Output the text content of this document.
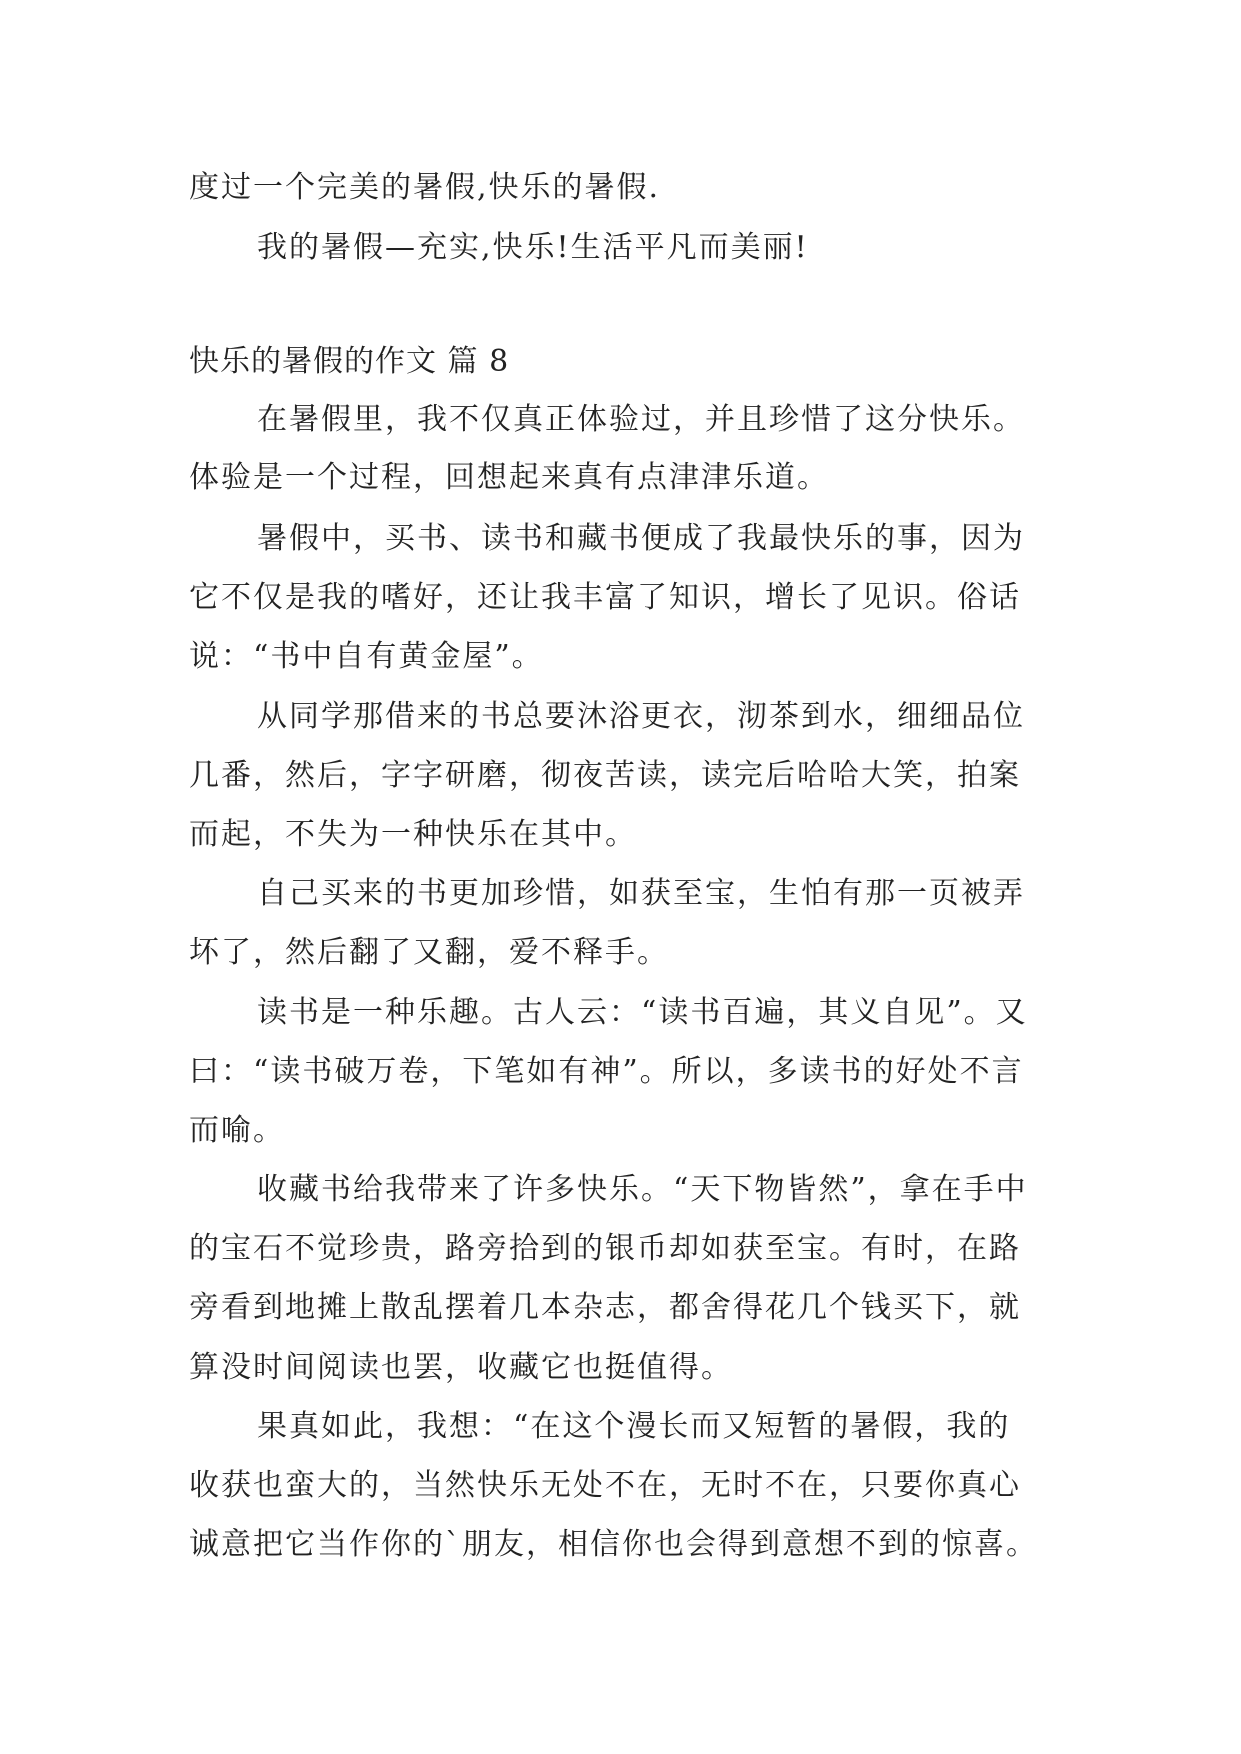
度过一个完美的暑假,快乐的暑假.
我的暑假—充实,快乐!生活平凡而美丽!
快乐的暑假的作文 篇 8
在暑假里，我不仅真正体验过，并且珍惜了这分快乐。
体验是一个过程，回想起来真有点津津乐道。
暑假中，买书、读书和藏书便成了我最快乐的事，因为
它不仅是我的嗜好，还让我丰富了知识，增长了见识。俗话
说：“书中自有黄金屋”。
从同学那借来的书总要沐浴更衣，沏茶到水，细细品位
几番，然后，字字研磨，彻夜苦读，读完后哈哈大笑，拍案
而起，不失为一种快乐在其中。
自己买来的书更加珍惜，如获至宝，生怕有那一页被弄
坏了，然后翻了又翻，爱不释手。
读书是一种乐趣。古人云：“读书百遍，其义自见”。又
曰：“读书破万卷，下笔如有神”。所以，多读书的好处不言
而喻。
收藏书给我带来了许多快乐。“天下物皆然”，拿在手中
的宝石不觉珍贵，路旁拾到的银币却如获至宝。有时，在路
旁看到地摊上散乱摆着几本杂志，都舍得花几个钱买下，就
算没时间阅读也罢，收藏它也挺值得。
果真如此，我想：“在这个漫长而又短暂的暑假，我的
收获也蛮大的，当然快乐无处不在，无时不在，只要你真心
诚意把它当作你的`朋友，相信你也会得到意想不到的惊喜。
